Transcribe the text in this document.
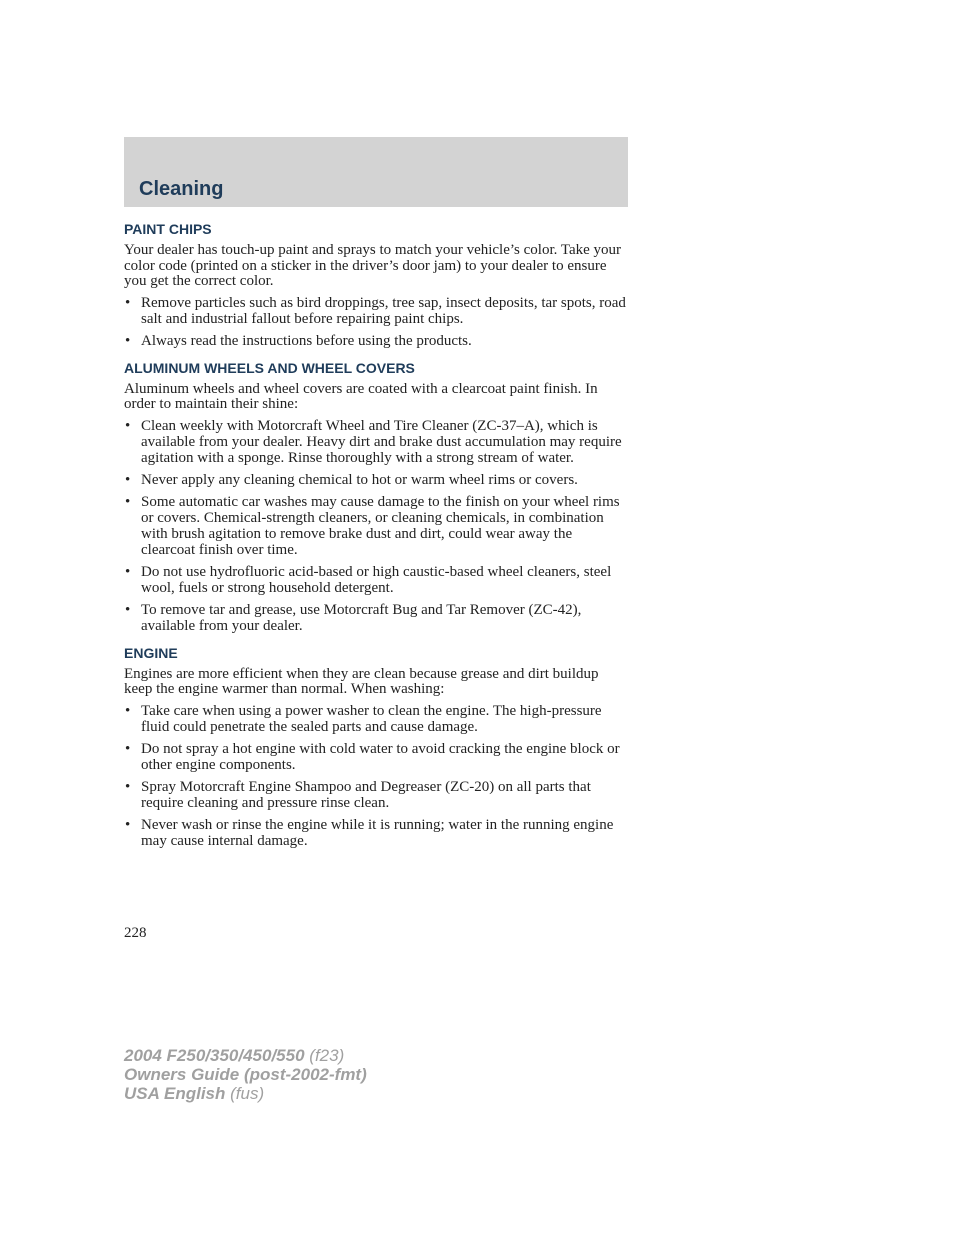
Cleaning
PAINT CHIPS

Your dealer has touch-up paint and sprays to match your vehicle’s color. Take your color code (printed on a sticker in the driver’s door jam) to your dealer to ensure you get the correct color.

• Remove particles such as bird droppings, tree sap, insect deposits, tar spots, road salt and industrial fallout before repairing paint chips.
• Always read the instructions before using the products.
ALUMINUM WHEELS AND WHEEL COVERS

Aluminum wheels and wheel covers are coated with a clearcoat paint finish. In order to maintain their shine:

• Clean weekly with Motorcraft Wheel and Tire Cleaner (ZC-37–A), which is available from your dealer. Heavy dirt and brake dust accumulation may require agitation with a sponge. Rinse thoroughly with a strong stream of water.
• Never apply any cleaning chemical to hot or warm wheel rims or covers.
• Some automatic car washes may cause damage to the finish on your wheel rims or covers. Chemical-strength cleaners, or cleaning chemicals, in combination with brush agitation to remove brake dust and dirt, could wear away the clearcoat finish over time.
• Do not use hydrofluoric acid-based or high caustic-based wheel cleaners, steel wool, fuels or strong household detergent.
• To remove tar and grease, use Motorcraft Bug and Tar Remover (ZC-42), available from your dealer.
ENGINE

Engines are more efficient when they are clean because grease and dirt buildup keep the engine warmer than normal. When washing:

• Take care when using a power washer to clean the engine. The high-pressure fluid could penetrate the sealed parts and cause damage.
• Do not spray a hot engine with cold water to avoid cracking the engine block or other engine components.
• Spray Motorcraft Engine Shampoo and Degreaser (ZC-20) on all parts that require cleaning and pressure rinse clean.
• Never wash or rinse the engine while it is running; water in the running engine may cause internal damage.

228

2004 F250/350/450/550 (f23)

Owners Guide (post-2002-fmt)

USA English (fus)
